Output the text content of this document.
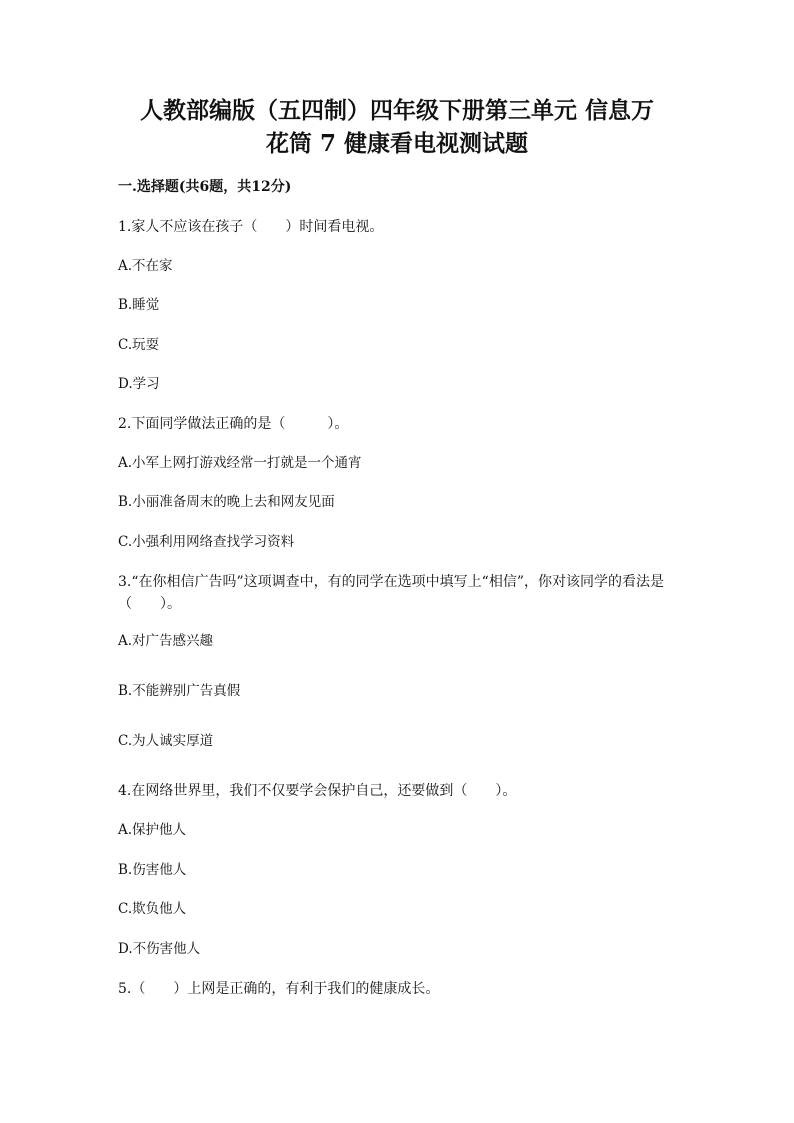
人教部编版（五四制）四年级下册第三单元 信息万
花筒 7 健康看电视测试题
一.选择题(共6题，共12分)
1.家人不应该在孩子（　　）时间看电视。
A.不在家
B.睡觉
C.玩耍
D.学习
2.下面同学做法正确的是（　　　）。
A.小军上网打游戏经常一打就是一个通宵
B.小丽准备周末的晚上去和网友见面
C.小强利用网络查找学习资料
3.“在你相信广告吗”这项调查中，有的同学在选项中填写上“相信”，你对该同学的看法是（　　）。
A.对广告感兴趣
B.不能辨别广告真假
C.为人诚实厚道
4.在网络世界里，我们不仅要学会保护自己，还要做到（　　）。
A.保护他人
B.伤害他人
C.欺负他人
D.不伤害他人
5.（　　）上网是正确的，有利于我们的健康成长。
